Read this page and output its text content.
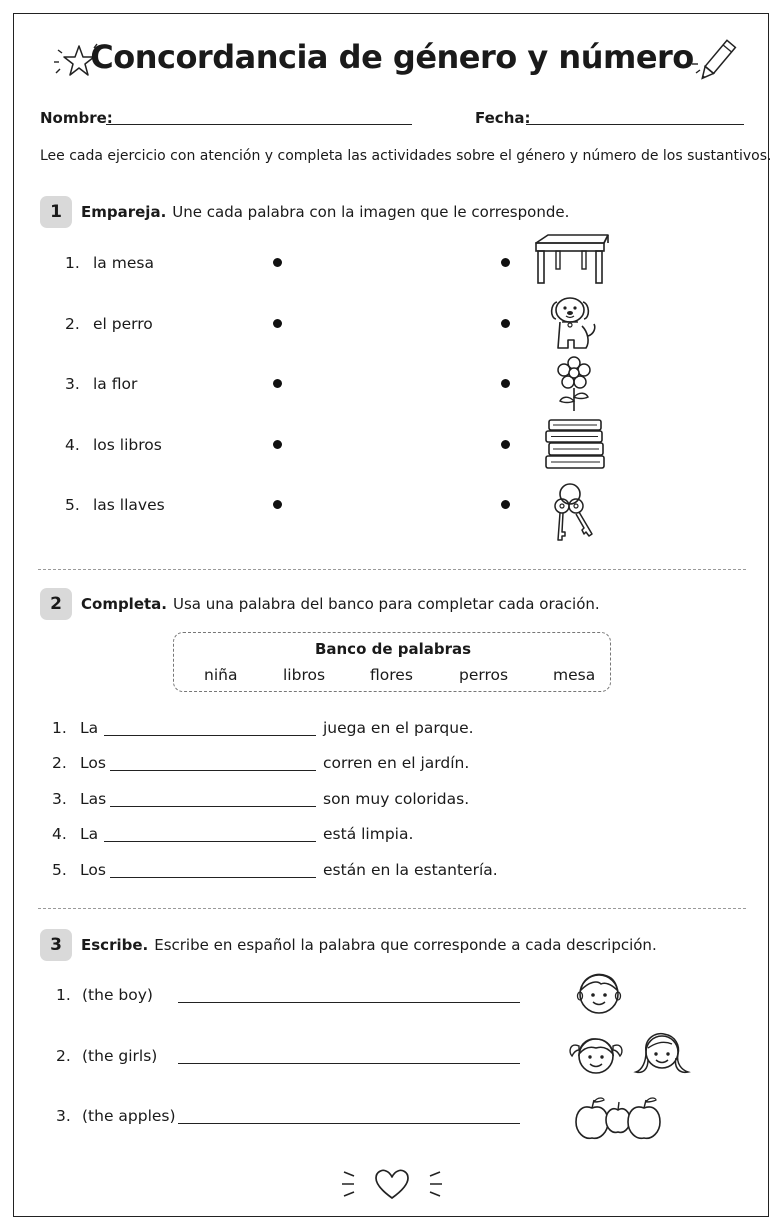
Concordancia de género y número
Nombre:	Fecha:
Lee cada ejercicio con atención y completa las actividades sobre el género y número de los sustantivos.
1	Empareja. Une cada palabra con la imagen que le corresponde.
1. la mesa
2. el perro
3. la flor
4. los libros
5. las llaves
2	Completa. Usa una palabra del banco para completar cada oración.
Banco de palabras
niña	libros	flores	perros	mesa
1. La	juega en el parque.
2. Los	corren en el jardín.
3. Las	son muy coloridas.
4. La	está limpia.
5. Los	están en la estantería.
3	Escribe. Escribe en español la palabra que corresponde a cada descripción.
1. (the boy)
2. (the girls)
3. (the apples)
